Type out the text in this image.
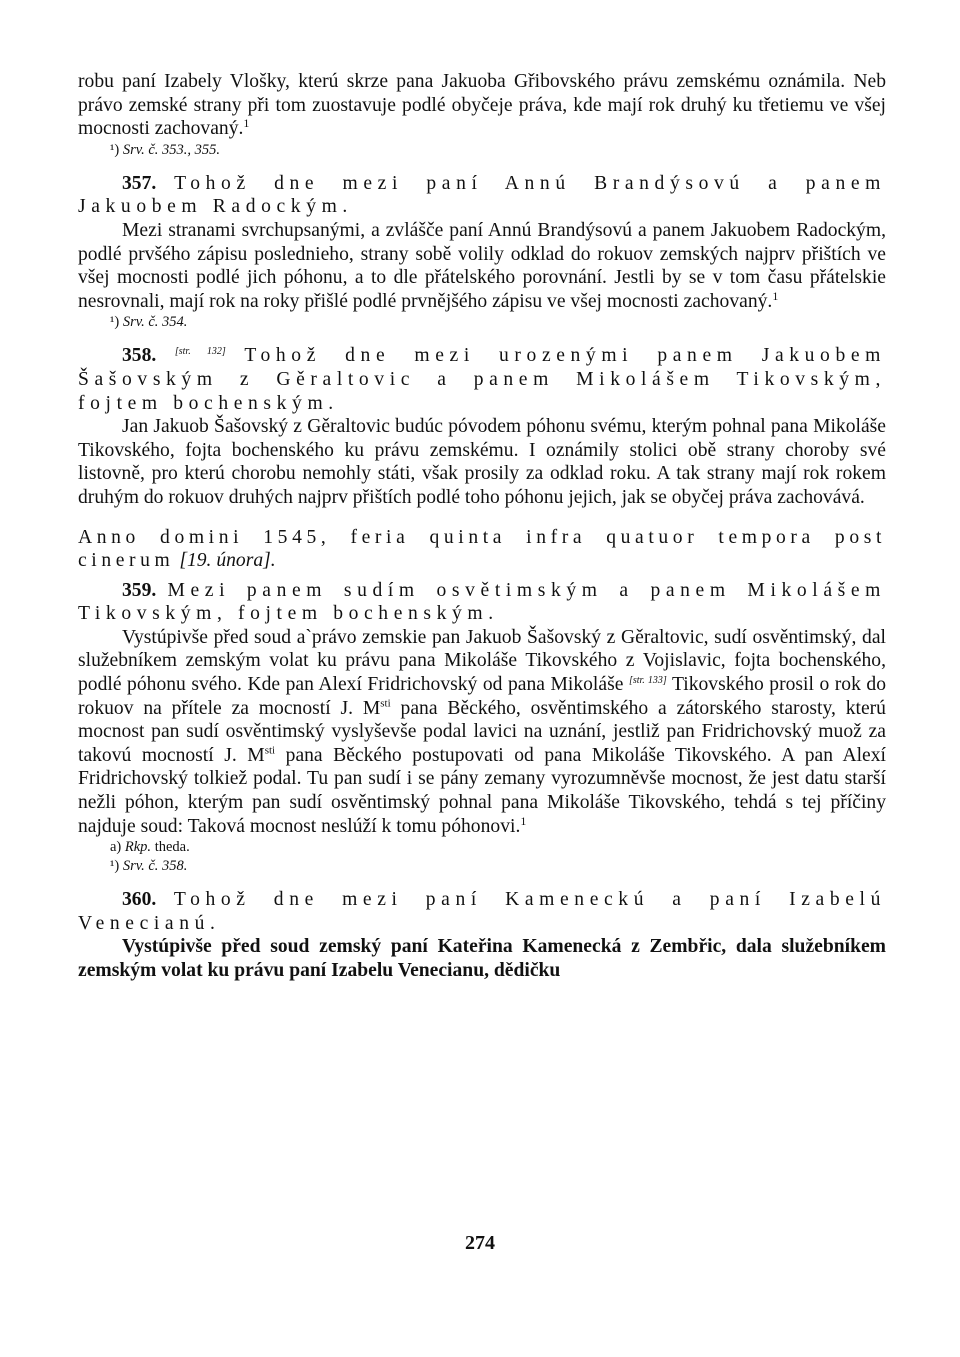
robu paní Izabely Vlošky, kterú skrze pana Jakuoba Gřibovského právu zemskému oznámila. Neb právo zemské strany při tom zuostavuje podlé obyčeje práva, kde mají rok druhý ku třetiemu ve všej mocnosti zachovaný.$^1$

¹) Srv. č. 353., 355.

357. Tohož dne mezi paní Annú Brandýsovú a panem Jakuobem Radockým.

Mezi stranami svrchupsanými, a zvlášče paní Annú Brandýsovú a panem Jakuobem Radockým, podlé prvšého zápisu poslednieho, strany sobě volily odklad do rokuov zemských najprv přištích ve všej mocnosti podlé jich póhonu, a to dle přátelského porovnání. Jestli by se v tom času přátelskie nesrovnali, mají rok na roky přišlé podlé prvnějšého zápisu ve všej mocnosti zachovaný.$^1$

¹) Srv. č. 354.

358. [str. 132] Tohož dne mezi urozenými panem Jakuobem Šašovským z Gěraltovic a panem Mikolášem Tikovským, fojtem bochenským.

Jan Jakuob Šašovský z Gěraltovic budúc póvodem póhonu svému, kterým pohnal pana Mikoláše Tikovského, fojta bochenského ku právu zemskému. I oznámily stolici obě strany choroby své listovně, pro kterú chorobu nemohly státi, však prosily za odklad roku. A tak strany mají rok rokem druhým do rokuov druhých najprv přištích podlé toho póhonu jejich, jak se obyčej práva zachovává.

Anno domini 1545, feria quinta infra quatuor tempora post cinerum [19. února].

359. Mezi panem sudím osvětimským a panem Mikolášem Tikovským, fojtem bochenským.

Vystúpivše před soud a`právo zemskie pan Jakuob Šašovský z Gěraltovic, sudí osvěntimský, dal služebníkem zemským volat ku právu pana Mikoláše Tikovského z Vojislavic, fojta bochenského, podlé póhonu svého. Kde pan Alexí Fridrichovský od pana Mikoláše [str. 133] Tikovského prosil o rok do rokuov na přítele za mocností J. $M^{sti}$ pana Běckého, osvěntimského a zátorského starosty, kterú mocnost pan sudí osvěntimský vyslyševše podal lavici na uznání, jestliž pan Fridrichovský muož za takovú mocností J. $M^{sti}$ pana Běckého postupovati od pana Mikoláše Tikovského. A pan Alexí Fridrichovský tolkiež podal. Tu pan sudí i se pány zemany vyrozumněvše mocnost, že jest datu starší nežli póhon, kterým pan sudí osvěntimský pohnal pana Mikoláše Tikovského, tehdá s tej příčiny najduje soud: Taková mocnost neslúží k tomu póhonovi.$^1$

a) Rkp. theda.

¹) Srv. č. 358.

360. Tohož dne mezi paní Kameneckú a paní Izabelú Venecianú.

Vystúpivše před soud zemský paní Kateřina Kamenecká z Zembřic, dala služebníkem zemským volat ku právu paní Izabelu Venecianu, dědičku

274
